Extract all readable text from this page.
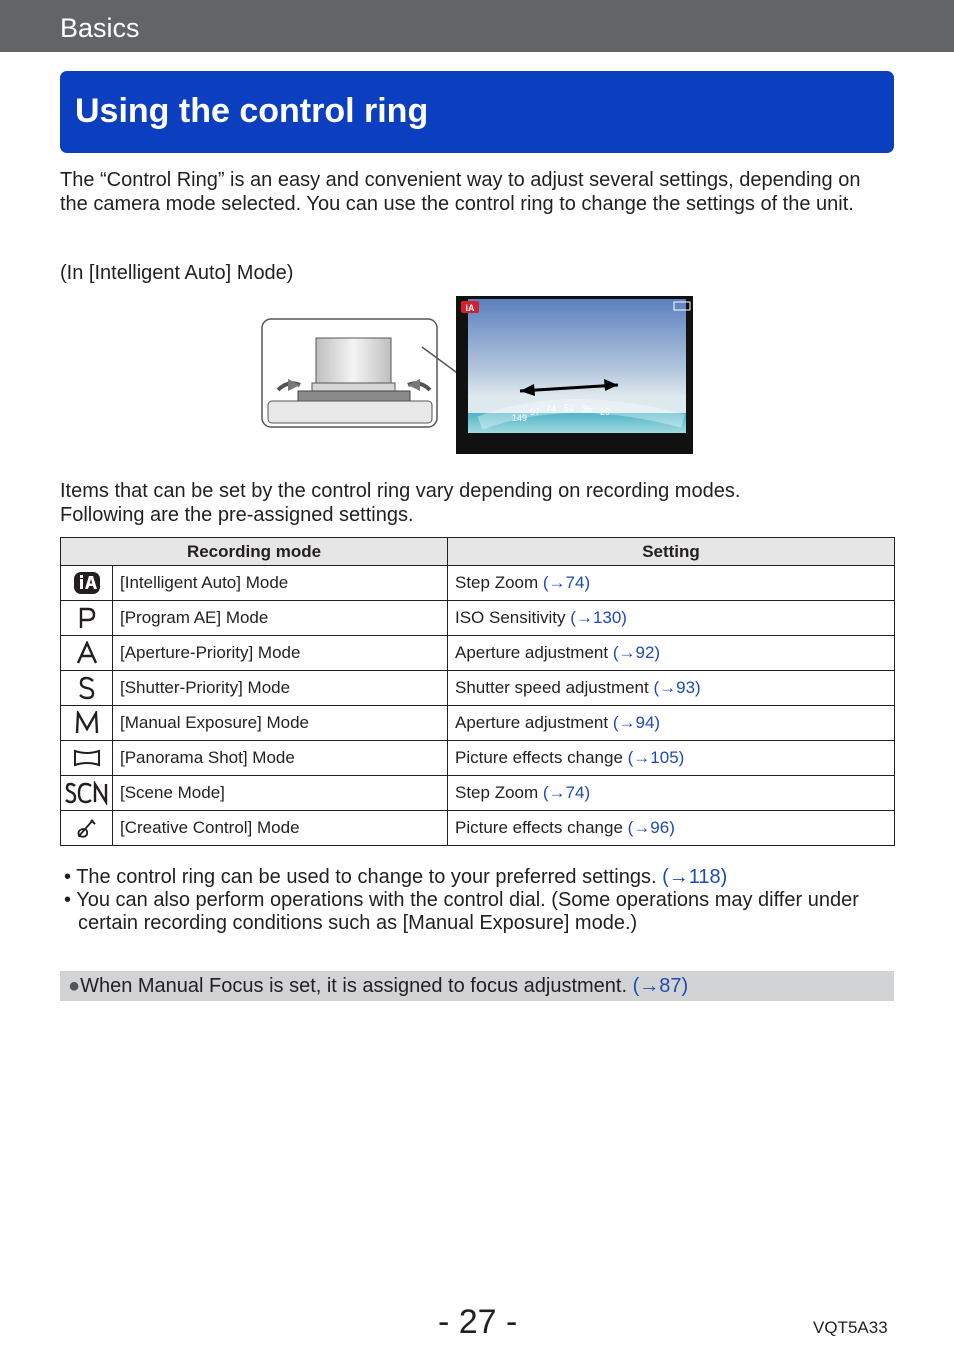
Basics
Using the control ring

The “Control Ring” is an easy and convenient way to adjust several settings, depending on the camera mode selected. You can use the control ring to change the settings of the unit.

(In [Intelligent Auto] Mode)

iA
149
97 74 52 36 29

Items that can be set by the control ring vary depending on recording modes.
Following are the pre-assigned settings.

Recording mode		Setting
	[Intelligent Auto] Mode	Step Zoom (→74)
	[Program AE] Mode	ISO Sensitivity (→130)
	[Aperture-Priority] Mode	Aperture adjustment (→92)
	[Shutter-Priority] Mode	Shutter speed adjustment (→93)
	[Manual Exposure] Mode	Aperture adjustment (→94)
	[Panorama Shot] Mode	Picture effects change (→105)
	[Scene Mode]	Step Zoom (→74)
	[Creative Control] Mode	Picture effects change (→96)
• The control ring can be used to change to your preferred settings. (→118)
• You can also perform operations with the control dial. (Some operations may differ under certain recording conditions such as [Manual Exposure] mode.)
●When Manual Focus is set, it is assigned to focus adjustment. (→87)
- 27 -	VQT5A33
